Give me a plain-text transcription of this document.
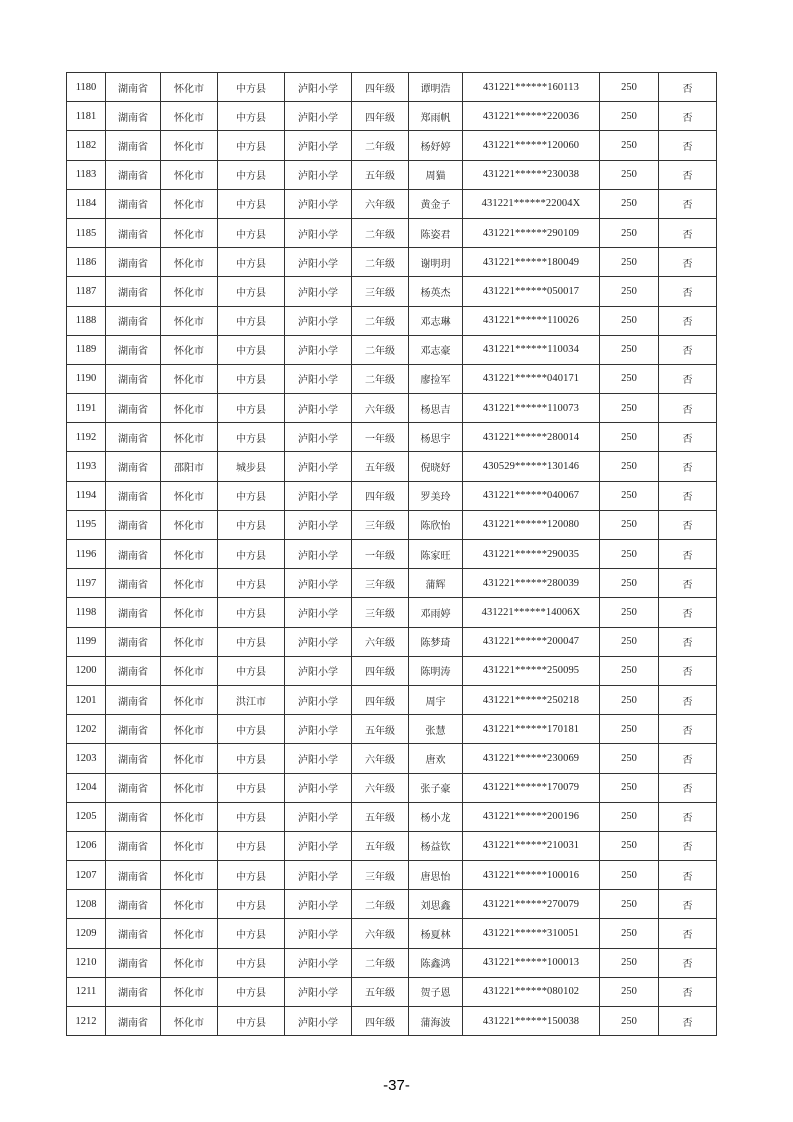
1180	湖南省	怀化市	中方县	泸阳小学	四年级	谭明浩	431221******160113	250	否
1181	湖南省	怀化市	中方县	泸阳小学	四年级	郑雨帆	431221******220036	250	否
1182	湖南省	怀化市	中方县	泸阳小学	二年级	杨妤婷	431221******120060	250	否
1183	湖南省	怀化市	中方县	泸阳小学	五年级	周猫	431221******230038	250	否
1184	湖南省	怀化市	中方县	泸阳小学	六年级	黄金子	431221******22004X	250	否
1185	湖南省	怀化市	中方县	泸阳小学	二年级	陈姿君	431221******290109	250	否
1186	湖南省	怀化市	中方县	泸阳小学	二年级	谢明玥	431221******180049	250	否
1187	湖南省	怀化市	中方县	泸阳小学	三年级	杨英杰	431221******050017	250	否
1188	湖南省	怀化市	中方县	泸阳小学	二年级	邓志琳	431221******110026	250	否
1189	湖南省	怀化市	中方县	泸阳小学	二年级	邓志豪	431221******110034	250	否
1190	湖南省	怀化市	中方县	泸阳小学	二年级	廖捡军	431221******040171	250	否
1191	湖南省	怀化市	中方县	泸阳小学	六年级	杨思吉	431221******110073	250	否
1192	湖南省	怀化市	中方县	泸阳小学	一年级	杨思宇	431221******280014	250	否
1193	湖南省	邵阳市	城步县	泸阳小学	五年级	倪晓妤	430529******130146	250	否
1194	湖南省	怀化市	中方县	泸阳小学	四年级	罗美玲	431221******040067	250	否
1195	湖南省	怀化市	中方县	泸阳小学	三年级	陈欣怡	431221******120080	250	否
1196	湖南省	怀化市	中方县	泸阳小学	一年级	陈家旺	431221******290035	250	否
1197	湖南省	怀化市	中方县	泸阳小学	三年级	蒲辉	431221******280039	250	否
1198	湖南省	怀化市	中方县	泸阳小学	三年级	邓雨婷	431221******14006X	250	否
1199	湖南省	怀化市	中方县	泸阳小学	六年级	陈梦琦	431221******200047	250	否
1200	湖南省	怀化市	中方县	泸阳小学	四年级	陈明涛	431221******250095	250	否
1201	湖南省	怀化市	洪江市	泸阳小学	四年级	周宇	431221******250218	250	否
1202	湖南省	怀化市	中方县	泸阳小学	五年级	张慧	431221******170181	250	否
1203	湖南省	怀化市	中方县	泸阳小学	六年级	唐欢	431221******230069	250	否
1204	湖南省	怀化市	中方县	泸阳小学	六年级	张子豪	431221******170079	250	否
1205	湖南省	怀化市	中方县	泸阳小学	五年级	杨小龙	431221******200196	250	否
1206	湖南省	怀化市	中方县	泸阳小学	五年级	杨益钦	431221******210031	250	否
1207	湖南省	怀化市	中方县	泸阳小学	三年级	唐思怡	431221******100016	250	否
1208	湖南省	怀化市	中方县	泸阳小学	二年级	刘思鑫	431221******270079	250	否
1209	湖南省	怀化市	中方县	泸阳小学	六年级	杨夏林	431221******310051	250	否
1210	湖南省	怀化市	中方县	泸阳小学	二年级	陈鑫鸿	431221******100013	250	否
1211	湖南省	怀化市	中方县	泸阳小学	五年级	贺子恩	431221******080102	250	否
1212	湖南省	怀化市	中方县	泸阳小学	四年级	蒲海波	431221******150038	250	否
-37-
